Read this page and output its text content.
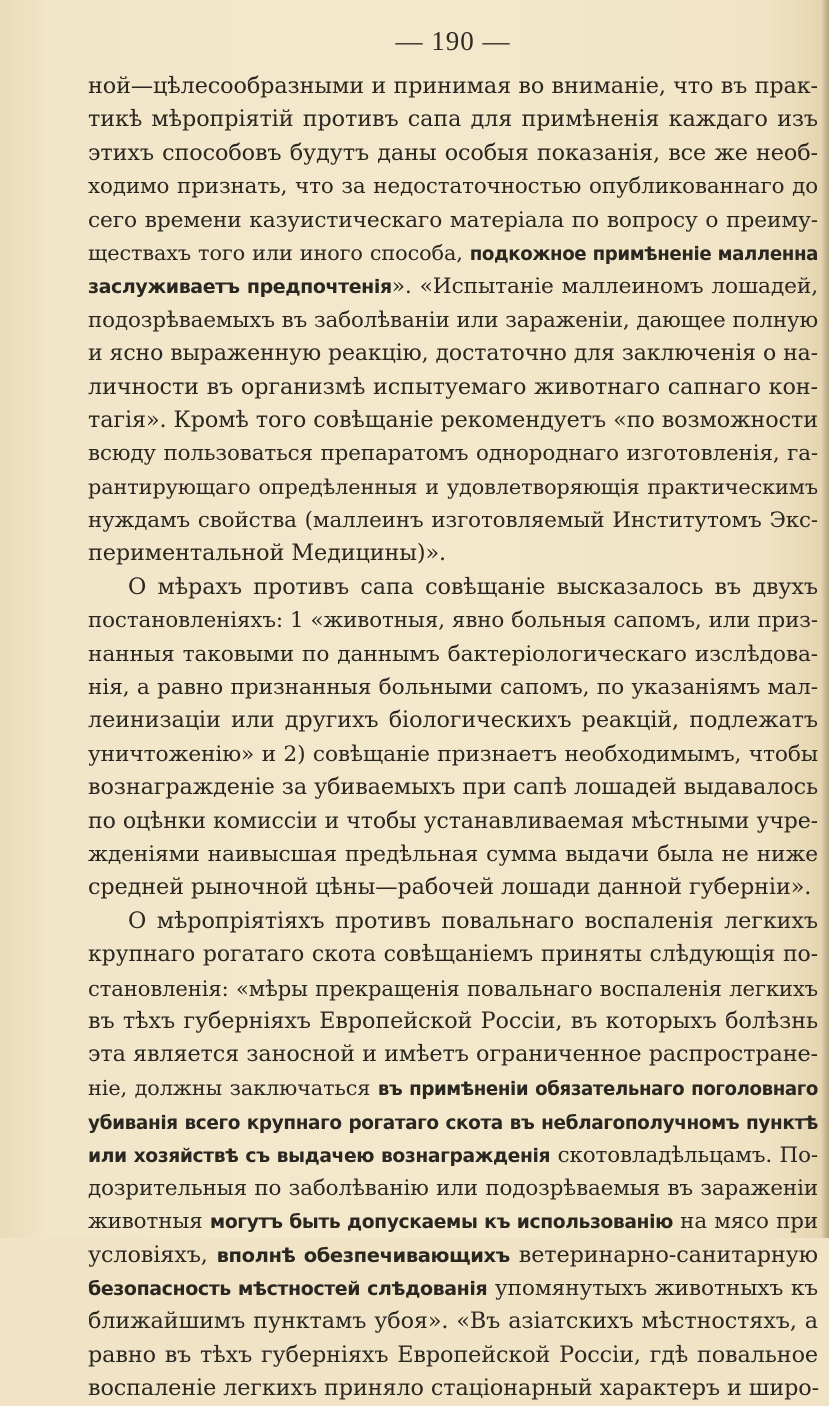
— 190 —
ной—цѣлесообразными и принимая во вниманіе, что въ прак-
тикѣ мѣропріятій противъ сапа для примѣненія каждаго изъ
этихъ способовъ будутъ даны особыя показанія, все же необ-
ходимо признать, что за недостаточностью опубликованнаго до
сего времени казуистическаго матеріала по вопросу о преиму-
ществахъ того или иного способа, подкожное примѣненіе малленна
заслуживаетъ предпочтенія». «Испытаніе маллеиномъ лошадей,
подозрѣваемыхъ въ заболѣваніи или зараженіи, дающее полную
и ясно выраженную реакцію, достаточно для заключенія о на-
личности въ организмѣ испытуемаго животнаго сапнаго кон-
тагія». Кромѣ того совѣщаніе рекомендуетъ «по возможности
всюду пользоваться препаратомъ однороднаго изготовленія, га-
рантирующаго опредѣленныя и удовлетворяющія практическимъ
нуждамъ свойства (маллеинъ изготовляемый Институтомъ Экс-
периментальной Медицины)».
О мѣрахъ противъ сапа совѣщаніе высказалось въ двухъ
постановленіяхъ: 1 «животныя, явно больныя сапомъ, или приз-
нанныя таковыми по даннымъ бактеріологическаго изслѣдова-
нія, а равно признанныя больными сапомъ, по указаніямъ мал-
леинизаціи или другихъ біологическихъ реакцій, подлежатъ
уничтоженію» и 2) совѣщаніе признаетъ необходимымъ, чтобы
вознагражденіе за убиваемыхъ при сапѣ лошадей выдавалось
по оцѣнки комиссіи и чтобы устанавливаемая мѣстными учре-
жденіями наивысшая предѣльная сумма выдачи была не ниже
средней рыночной цѣны—рабочей лошади данной губерніи».
О мѣропріятіяхъ противъ повальнаго воспаленія легкихъ
крупнаго рогатаго скота совѣщаніемъ приняты слѣдующія по-
становленія: «мѣры прекращенія повальнаго воспаленія легкихъ
въ тѣхъ губерніяхъ Европейской Россіи, въ которыхъ болѣзнь
эта является заносной и имѣетъ ограниченное распростране-
ніе, должны заключаться въ примѣненіи обязательнаго поголовнаго
убиванія всего крупнаго рогатаго скота въ неблагополучномъ пунктѣ
или хозяйствѣ съ выдачею вознагражденія скотовладѣльцамъ. По-
дозрительныя по заболѣванію или подозрѣваемыя въ зараженіи
животныя могутъ быть допускаемы къ использованію на мясо при
условіяхъ, вполнѣ обезпечивающихъ ветеринарно-санитарную
безопасность мѣстностей слѣдованія упомянутыхъ животныхъ къ
ближайшимъ пунктамъ убоя». «Въ азіатскихъ мѣстностяхъ, а
равно въ тѣхъ губерніяхъ Европейской Россіи, гдѣ повальное
воспаленіе легкихъ приняло стаціонарный характеръ и широ-
